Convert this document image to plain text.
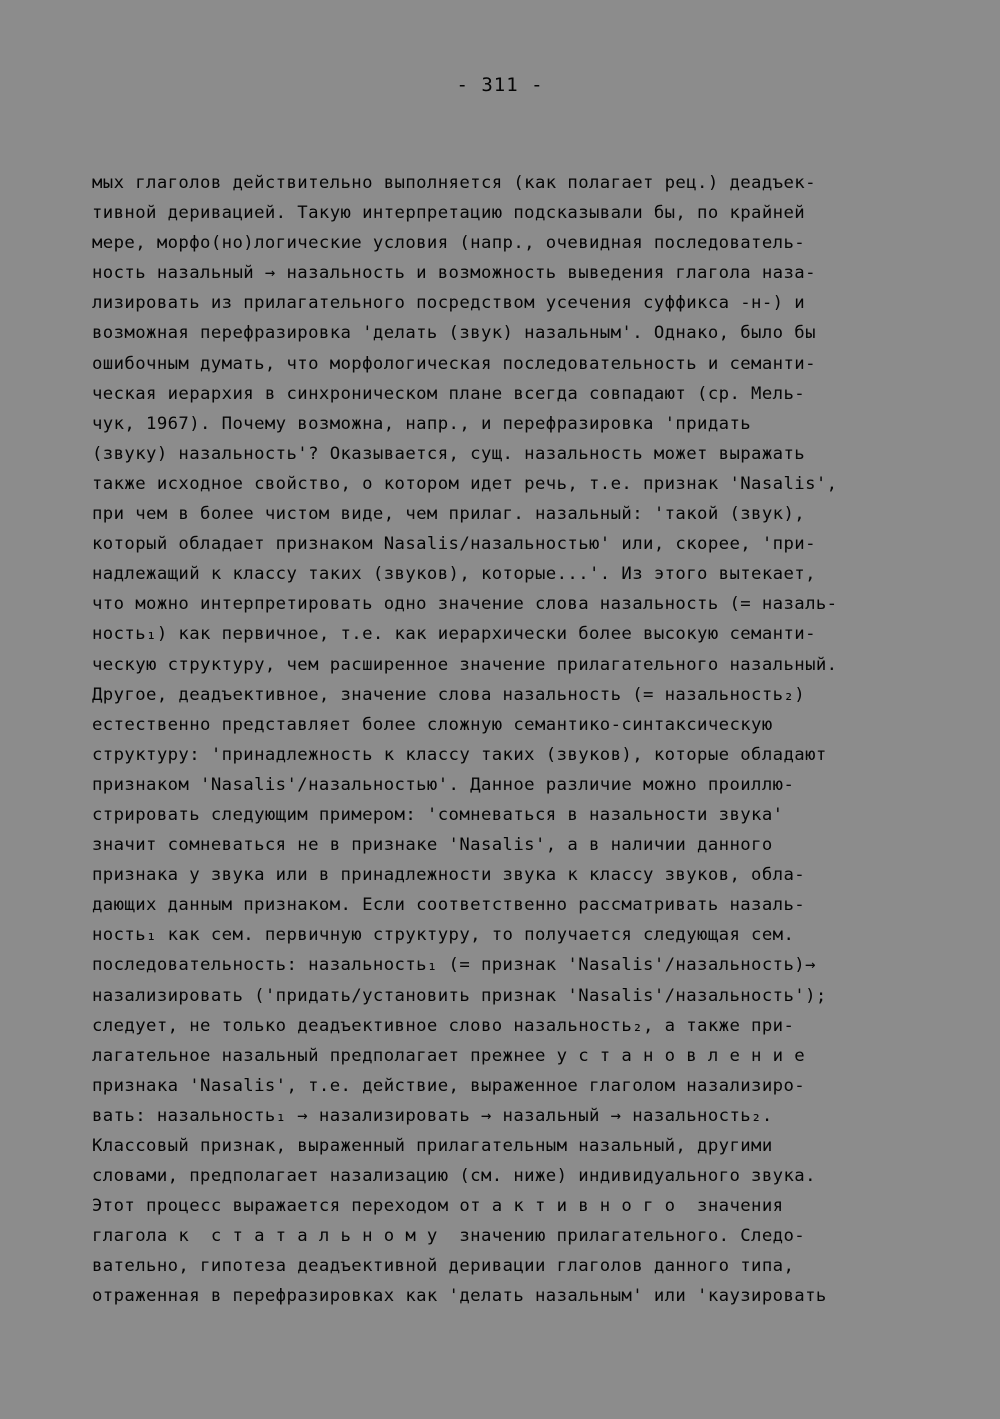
- 311 -
мых глаголов действительно выполняется (как полагает рец.) деадъек-
тивной деривацией. Такую интерпретацию подсказывали бы, по крайней
мере, морфо(но)логические условия (напр., очевидная последователь-
ность назальный → назальность и возможность выведения глагола наза-
лизировать из прилагательного посредством усечения суффикса -н-) и
возможная перефразировка 'делать (звук) назальным'. Однако, было бы
ошибочным думать, что морфологическая последовательность и семанти-
ческая иерархия в синхроническом плане всегда совпадают (ср. Мель-
чук, 1967). Почему возможна, напр., и перефразировка 'придать
(звуку) назальность'? Оказывается, сущ. назальность может выражать
также исходное свойство, о котором идет речь, т.е. признак 'Nasalis',
при чем в более чистом виде, чем прилаг. назальный: 'такой (звук),
который обладает признаком Nasalis/назальностью' или, скорее, 'при-
надлежащий к классу таких (звуков), которые...'. Из этого вытекает,
что можно интерпретировать одно значение слова назальность (= назаль-
ность₁) как первичное, т.е. как иерархически более высокую семанти-
ческую структуру, чем расширенное значение прилагательного назальный.
Другое, деадъективное, значение слова назальность (= назальность₂)
естественно представляет более сложную семантико-синтаксическую
структуру: 'принадлежность к классу таких (звуков), которые обладают
признаком 'Nasalis'/назальностью'. Данное различие можно проиллю-
стрировать следующим примером: 'сомневаться в назальности звука'
значит сомневаться не в признаке 'Nasalis', а в наличии данного
признака у звука или в принадлежности звука к классу звуков, обла-
дающих данным признаком. Если соответственно рассматривать назаль-
ность₁ как сем. первичную структуру, то получается следующая сем.
последовательность: назальность₁ (= признак 'Nasalis'/назальность)→
назализировать ('придать/установить признак 'Nasalis'/назальность');
следует, не только деадъективное слово назальность₂, а также при-
лагательное назальный предполагает прежнее у с т а н о в л е н и е
признака 'Nasalis', т.е. действие, выраженное глаголом назализиро-
вать: назальность₁ → назализировать → назальный → назальность₂.
Классовый признак, выраженный прилагательным назальный, другими
словами, предполагает назализацию (см. ниже) индивидуального звука.
Этот процесс выражается переходом от а к т и в н о г о  значения
глагола к  с т а т а л ь н о м у  значению прилагательного. Следо-
вательно, гипотеза деадъективной деривации глаголов данного типа,
отраженная в перефразировках как 'делать назальным' или 'каузировать
